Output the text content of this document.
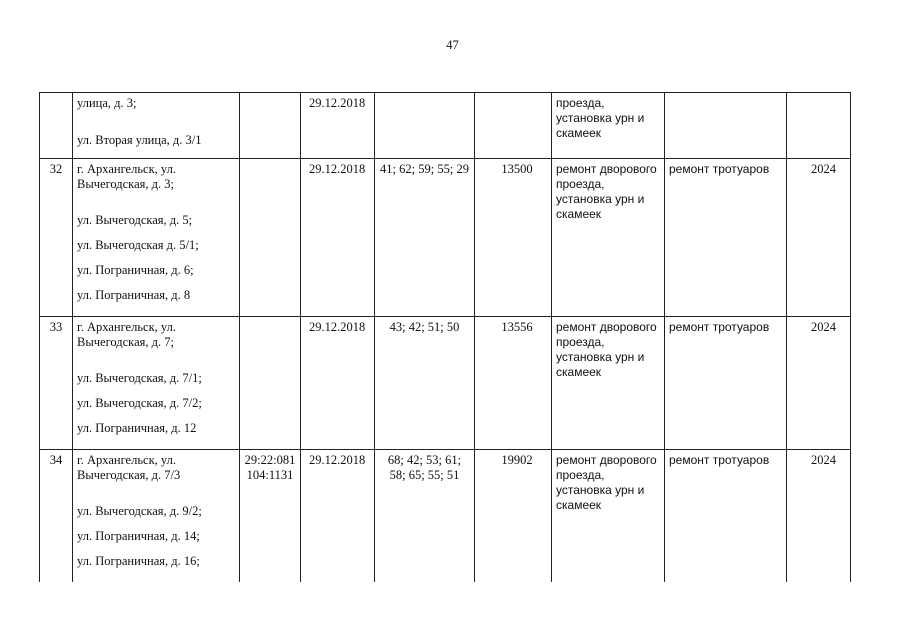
47

	улица, д. 3;
ул. Вторая улица, д. 3/1		29.12.2018			проезда, установка урн и скамеек		
32	г. Архангельск, ул. Вычегодская, д. 3;
ул. Вычегодская, д. 5;
ул. Вычегодская д. 5/1;
ул. Пограничная, д. 6;
ул. Пограничная, д. 8		29.12.2018	41; 62; 59; 55; 29	13500	ремонт дворового проезда, установка урн и скамеек	ремонт тротуаров	2024
33	г. Архангельск, ул. Вычегодская, д. 7;
ул. Вычегодская, д. 7/1;
ул. Вычегодская, д. 7/2;
ул. Пограничная, д. 12		29.12.2018	43; 42; 51; 50	13556	ремонт дворового проезда, установка урн и скамеек	ремонт тротуаров	2024
34	г. Архангельск, ул. Вычегодская, д. 7/3
ул. Вычегодская, д. 9/2;
ул. Пограничная, д. 14;
ул. Пограничная, д. 16;	29:22:081 104:1131	29.12.2018	68; 42; 53; 61; 58; 65; 55; 51	19902	ремонт дворового проезда, установка урн и скамеек	ремонт тротуаров	2024
